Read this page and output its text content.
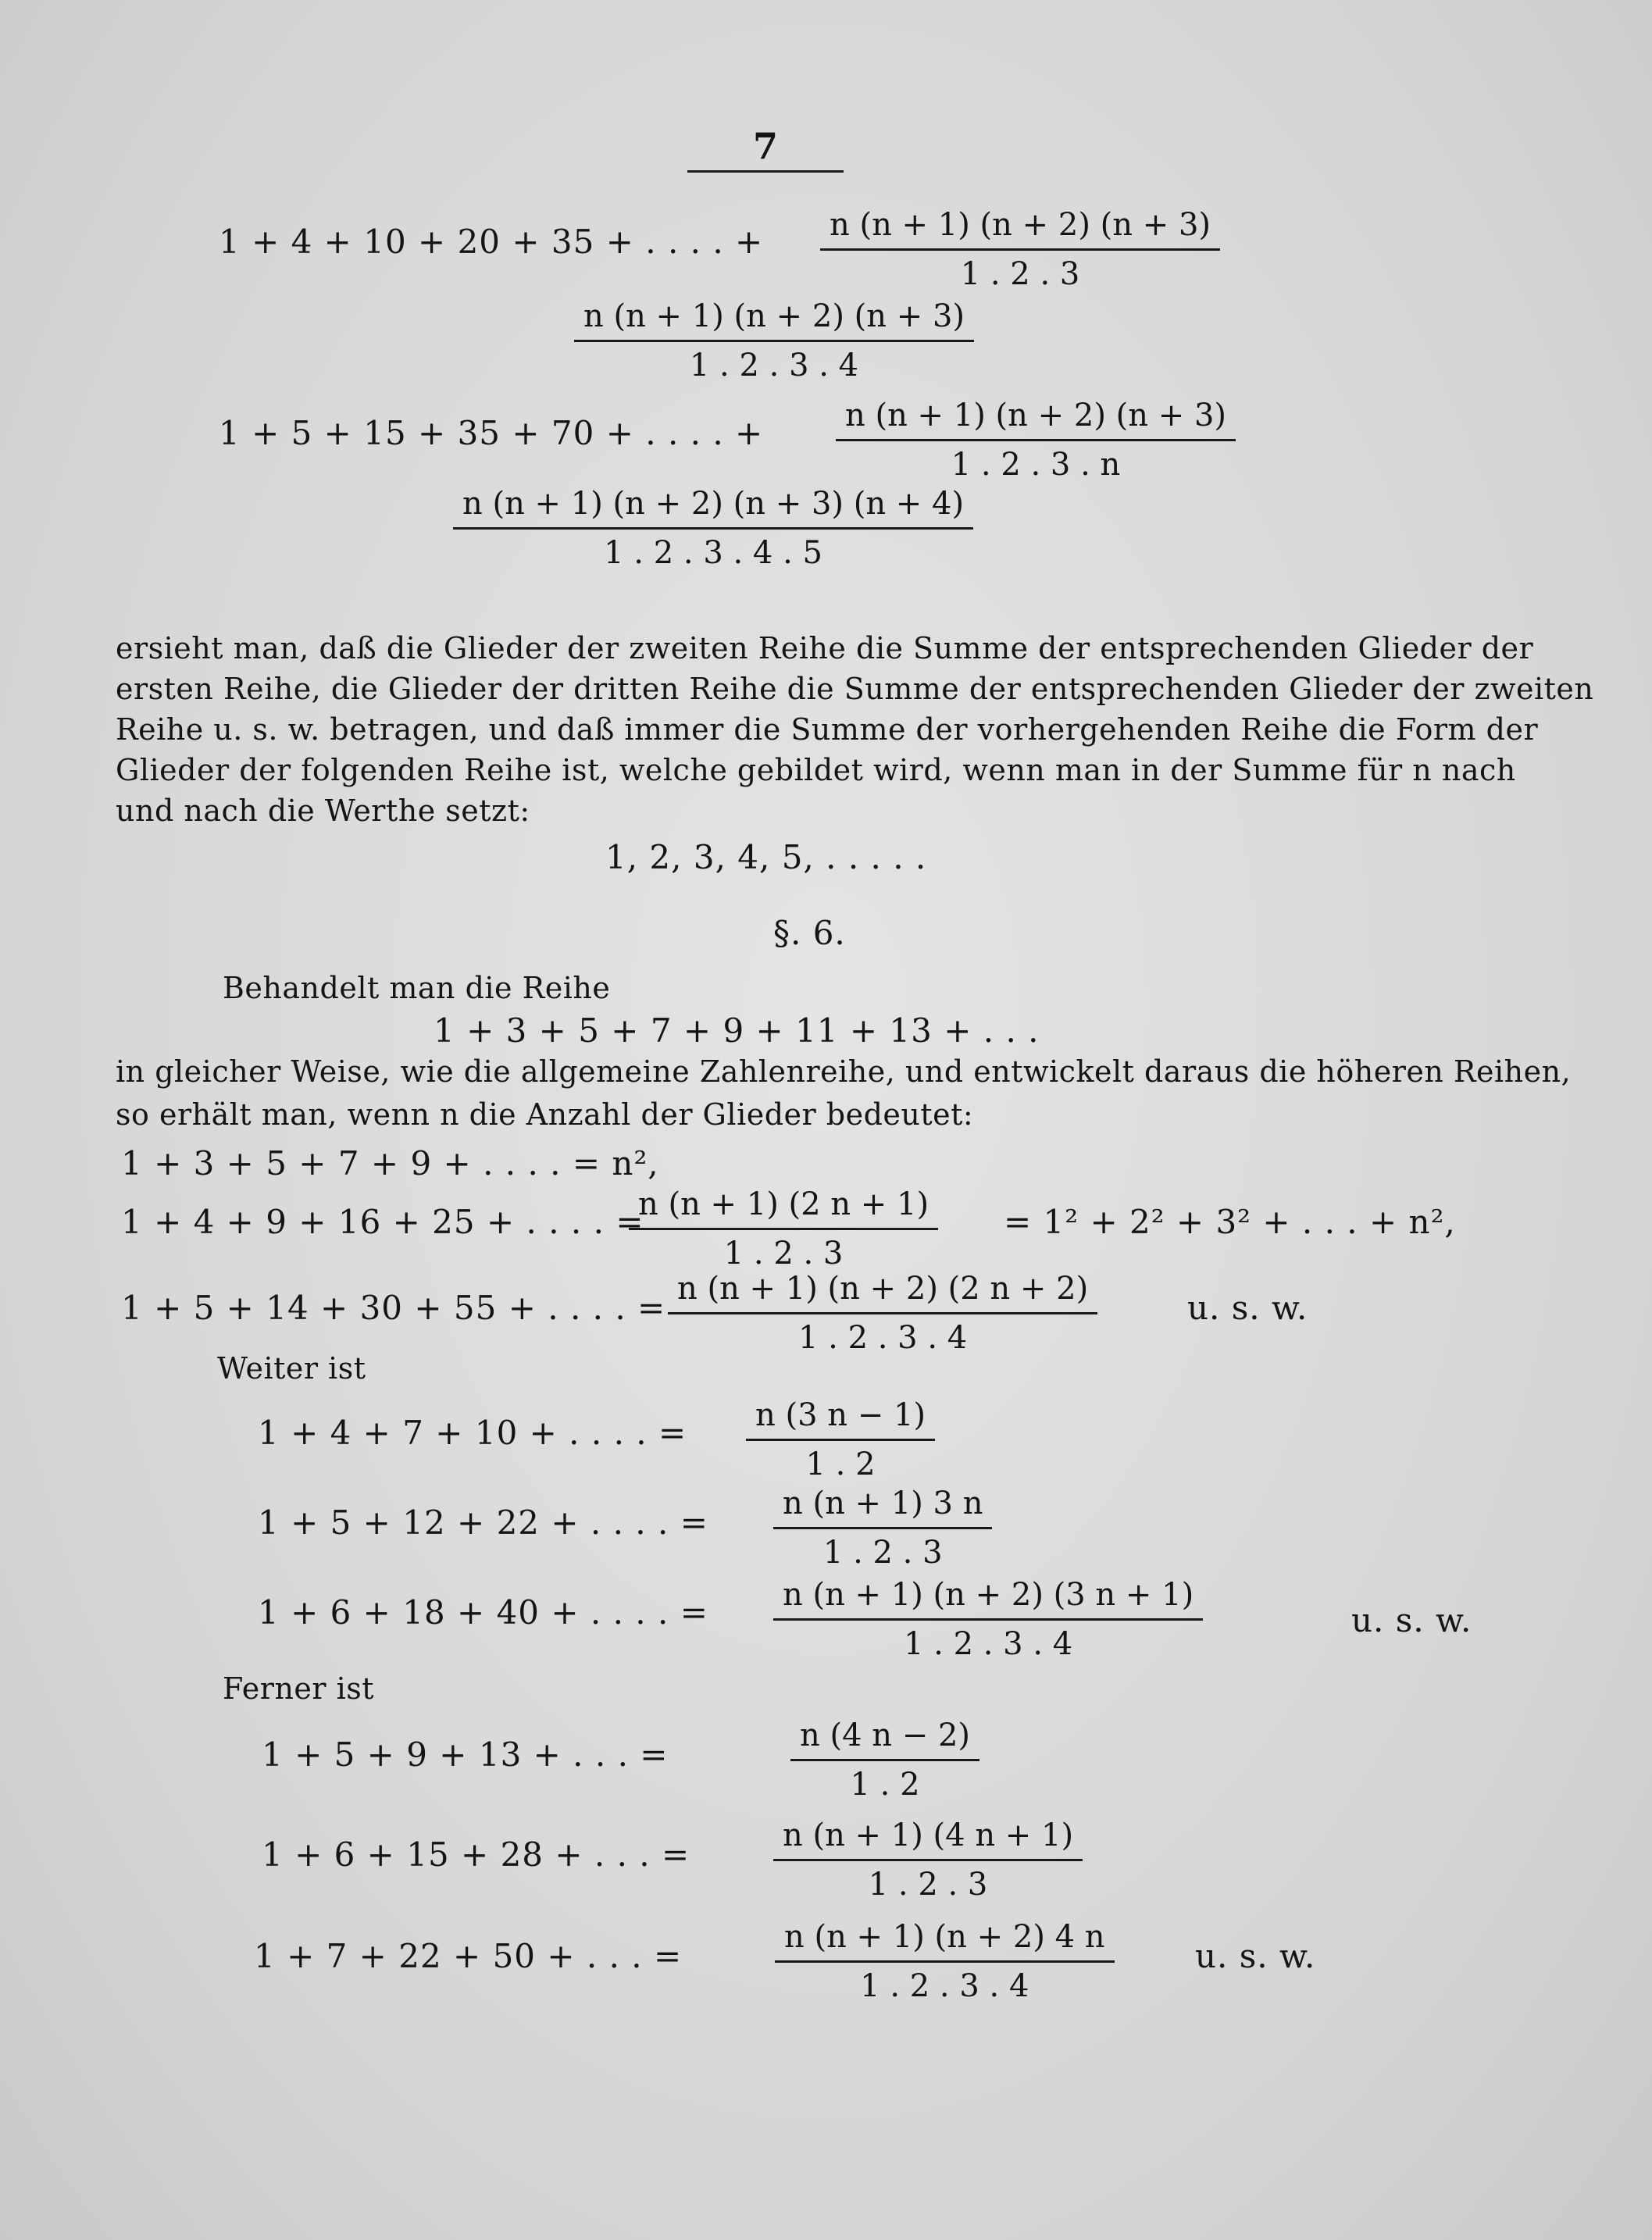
7
1 + 4 + 10 + 20 + 35 + . . . . + $\frac{n (n + 1) (n + 2) (n + 3)}{1 . 2 . 3}$
$\frac{n (n + 1) (n + 2) (n + 3)}{1 . 2 . 3 . 4}$
1 + 5 + 15 + 35 + 70 + . . . . + $\frac{n (n + 1) (n + 2) (n + 3)}{1 . 2 . 3 . n}$
$\frac{n (n + 1) (n + 2) (n + 3) (n + 4)}{1 . 2 . 3 . 4 . 5}$
ersieht man, daß die Glieder der zweiten Reihe die Summe der entsprechenden Glieder der
ersten Reihe, die Glieder der dritten Reihe die Summe der entsprechenden Glieder der zweiten
Reihe u. s. w. betragen, und daß immer die Summe der vorhergehenden Reihe die Form der
Glieder der folgenden Reihe ist, welche gebildet wird, wenn man in der Summe für n nach
und nach die Werthe setzt:
1, 2, 3, 4, 5, . . . . .
§. 6.
Behandelt man die Reihe
1 + 3 + 5 + 7 + 9 + 11 + 13 + . . .
in gleicher Weise, wie die allgemeine Zahlenreihe, und entwickelt daraus die höheren Reihen,
so erhält man, wenn n die Anzahl der Glieder bedeutet:
1 + 3 + 5 + 7 + 9 + . . . . = n²,
1 + 4 + 9 + 16 + 25 + . . . . =
$\frac{n (n + 1) (2 n + 1)}{1 . 2 . 3} = 1^2 + 2^2 + 3^2$ + . . . + n²,
1 + 5 + 14 + 30 + 55 + . . . . = $\frac{n (n + 1) (n + 2) (2 n + 2)}{1 . 2 . 3 . 4}$	u. s. w.
Weiter ist
1 + 4 + 7 + 10 + . . . . = $\frac{n (3 n - 1)}{1 . 2}$
1 + 5 + 12 + 22 + . . . . = $\frac{n (n + 1) 3 n}{1 . 2 . 3}$
1 + 6 + 18 + 40 + . . . . = $\frac{n (n + 1) (n + 2) (3 n + 1)}{1 . 2 . 3 . 4}$	u. s. w.
Ferner ist
1 + 5 + 9 + 13 + . . . =	$\frac{n (4 n - 2)}{1 . 2}$
1 + 6 + 15 + 28 + . . . =	$\frac{n (n + 1) (4 n + 1)}{1 . 2 . 3}$
1 + 7 + 22 + 50 + . . . =	$\frac{n (n + 1) (n + 2) 4 n}{1 . 2 . 3 . 4} u$. s. w.
